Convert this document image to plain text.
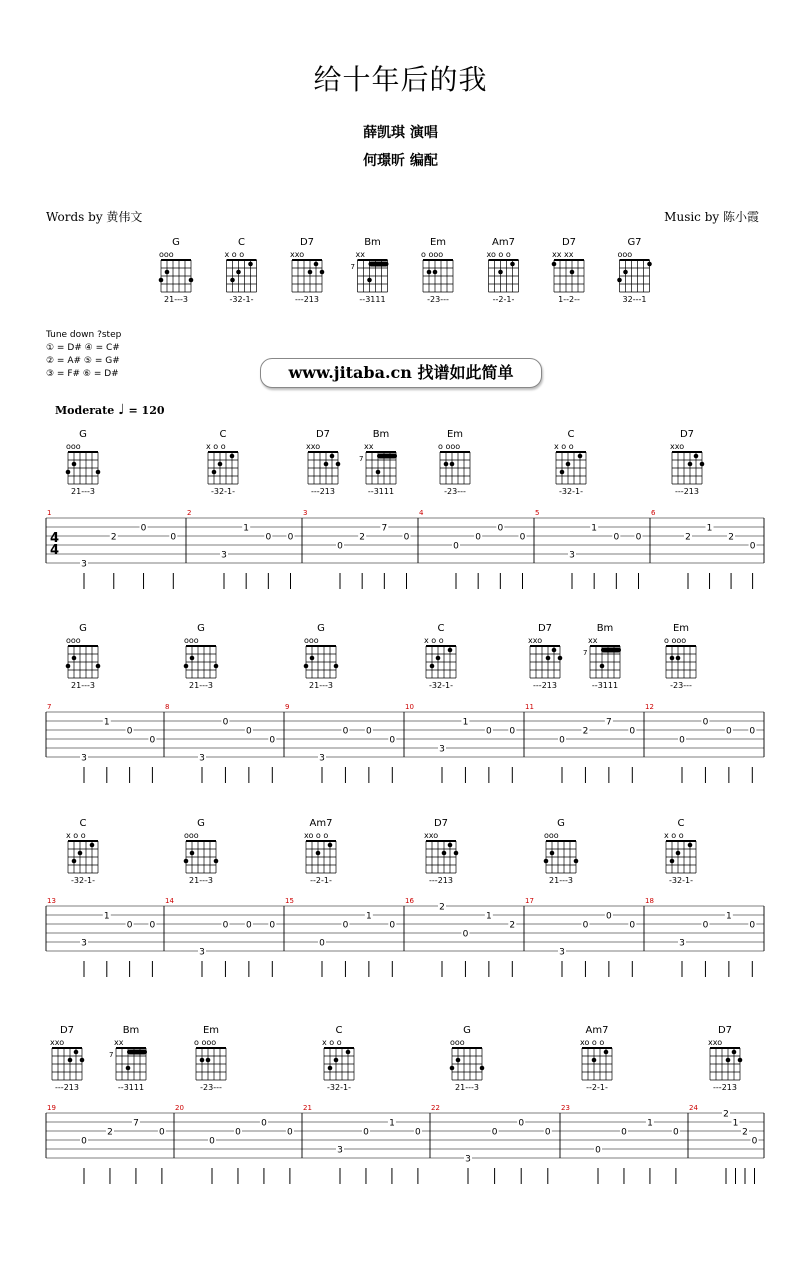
给十年后的我
薛凯琪 演唱
何璟昕 编配
Words by 黄伟文	Music by 陈小霞
G
ooo
21---3
C
x o o
-32-1-
D7
xxo
---213
Bm
xx
7
--3111
Em
o ooo
-23---
Am7
xo o o
--2-1-
D7
xx xx
1--2--
G7
ooo
32---1
Tune down ?step
① = D# ④ = C#
② = A# ⑤ = G#
③ = F# ⑥ = D#	www.jitaba.cn 找谱如此简单
Moderate ♩ = 120
4
4
1
G
ooo
21---3
3
2
0
0
2
C
x o o
-32-1-
3
1
0 0
3
D7
xxo
---213
Bm
xx
7
--3111
0
2
7
0
4
Em
o ooo
-23---
0
0
0
0
5
C
x o o
-32-1-
3
1
0 0
6
D7
xxo
---213
2
1
2
0
7
G
ooo
21---3
3
1
0
0
8
G
ooo
21---3
3
0
0
0
9
G
ooo
21---3
3
0 0
0
10
C
x o o
-32-1-
3
1
0 0
11
D7
xxo
---213
Bm
xx
7
--3111
0
2
7
0
12
Em
o ooo
-23---
0
0
0 0
13
C
x o o
-32-1-
3
1
0 0
14
G
ooo
21---3
3
0 0 0
15
Am7
xo o o
--2-1-
0
0
1
0
16
D7
xxo
---213
2
0
1
2
17
G
ooo
21---3
3
0
0
0
18
C
x o o
-32-1-
3
0
1
0
19
D7
xxo
---213
Bm
xx
7
--3111
0
2
7
0
20
Em
o ooo
-23---
0
0
0
0
21
C
x o o
-32-1-
3
0
1
0
22
G
ooo
21---3
3
0
0
0
23
Am7
xo o o
--2-1-
0
0
1
0
24
D7
xxo
---213
2
1
2
0
